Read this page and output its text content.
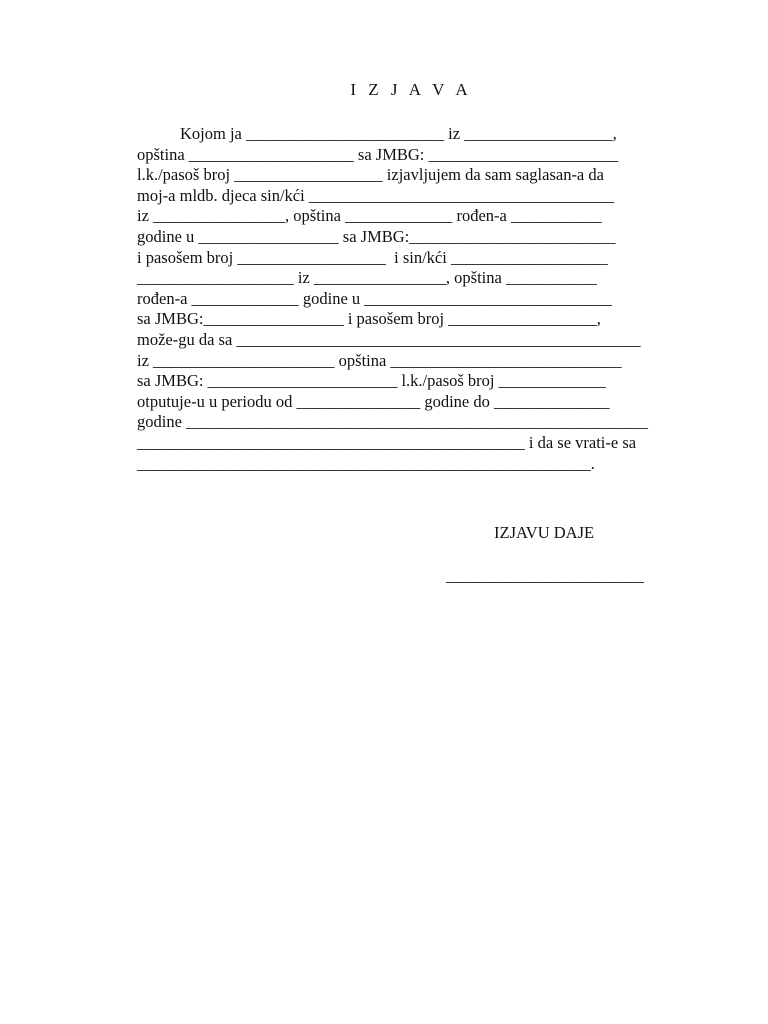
I Z J A V A
Kojom ja ________________________ iz __________________,
opština ____________________ sa JMBG: _______________________
l.k./pasoš broj __________________ izjavljujem da sam saglasan-a da
moj-a mldb. djeca sin/kći _____________________________________
iz ________________, opština _____________ rođen-a ___________
godine u _________________ sa JMBG:_________________________
i pasošem broj __________________  i sin/kći ___________________
___________________ iz ________________, opština ___________
rođen-a _____________ godine u ______________________________
sa JMBG:_________________ i pasošem broj __________________,
može-gu da sa _________________________________________________
iz ______________________ opština ____________________________
sa JMBG: _______________________ l.k./pasoš broj _____________
otputuje-u u periodu od _______________ godine do ______________
godine ________________________________________________________
_______________________________________________ i da se vrati-e sa
_______________________________________________________.
IZJAVU DAJE
________________________
